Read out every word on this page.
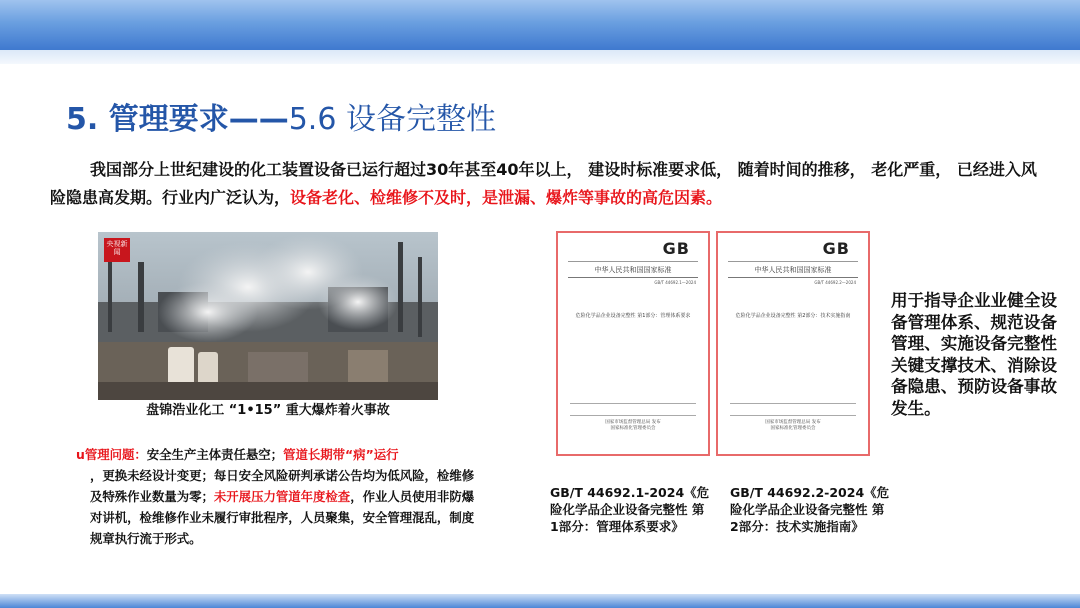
5. 管理要求——5.6 设备完整性
我国部分上世纪建设的化工装置设备已运行超过30年甚至40年以上， 建设时标准要求低， 随着时间的推移， 老化严重， 已经进入风险隐患高发期。行业内广泛认为，设备老化、检维修不及时，是泄漏、爆炸等事故的高危因素。
央视新闻
盘锦浩业化工 “1•15” 重大爆炸着火事故
u管理问题：安全生产主体责任悬空；管道长期带“病”运行
，更换未经设计变更；每日安全风险研判承诺公告均为低风险，检维修及特殊作业数量为零；未开展压力管道年度检查，作业人员使用非防爆对讲机，检维修作业未履行审批程序，人员聚集，安全管理混乱，制度规章执行流于形式。
GB
中华人民共和国国家标准
GB/T 44692.1—2024
危险化学品企业设备完整性 第1部分：管理体系要求
国家市场监督管理总局 发布
国家标准化管理委员会
GB
中华人民共和国国家标准
GB/T 44692.2—2024
危险化学品企业设备完整性 第2部分：技术实施指南
国家市场监督管理总局 发布
国家标准化管理委员会
GB/T 44692.1-2024《危险化学品企业设备完整性 第1部分：管理体系要求》
GB/T 44692.2-2024《危险化学品企业设备完整性 第2部分：技术实施指南》
用于指导企业业健全设备管理体系、规范设备管理、实施设备完整性关键支撑技术、消除设备隐患、预防设备事故发生。
